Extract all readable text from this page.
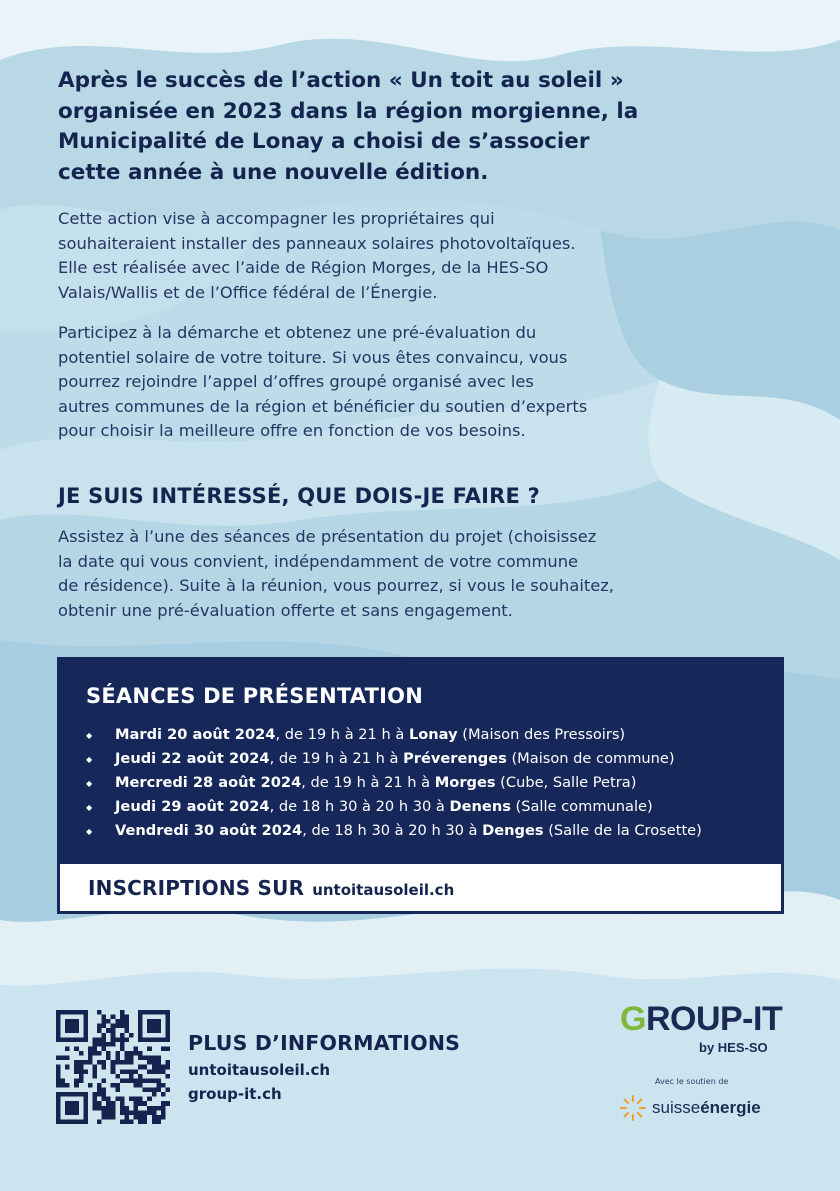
Après le succès de l’action « Un toit au soleil »
organisée en 2023 dans la région morgienne, la
Municipalité de Lonay a choisi de s’associer
cette année à une nouvelle édition.
Cette action vise à accompagner les propriétaires qui
souhaiteraient installer des panneaux solaires photovoltaïques.
Elle est réalisée avec l’aide de Région Morges, de la HES-SO
Valais/Wallis et de l’Office fédéral de l’Énergie.
Participez à la démarche et obtenez une pré-évaluation du
potentiel solaire de votre toiture. Si vous êtes convaincu, vous
pourrez rejoindre l’appel d’offres groupé organisé avec les
autres communes de la région et bénéficier du soutien d’experts
pour choisir la meilleure offre en fonction de vos besoins.
JE SUIS INTÉRESSÉ, QUE DOIS-JE FAIRE ?
Assistez à l’une des séances de présentation du projet (choisissez
la date qui vous convient, indépendamment de votre commune
de résidence). Suite à la réunion, vous pourrez, si vous le souhaitez,
obtenir une pré-évaluation offerte et sans engagement.
SÉANCES DE PRÉSENTATION
◆ Mardi 20 août 2024, de 19 h à 21 h à Lonay (Maison des Pressoirs)
◆ Jeudi 22 août 2024, de 19 h à 21 h à Préverenges (Maison de commune)
◆ Mercredi 28 août 2024, de 19 h à 21 h à Morges (Cube, Salle Petra)
◆ Jeudi 29 août 2024, de 18 h 30 à 20 h 30 à Denens (Salle communale)
◆ Vendredi 30 août 2024, de 18 h 30 à 20 h 30 à Denges (Salle de la Crosette)
INSCRIPTIONS SUR untoitausoleil.ch
PLUS D’INFORMATIONS
untoitausoleil.ch
group-it.ch
GROUP-IT
by HES-SO
Avec le soutien de
suisseénergie
